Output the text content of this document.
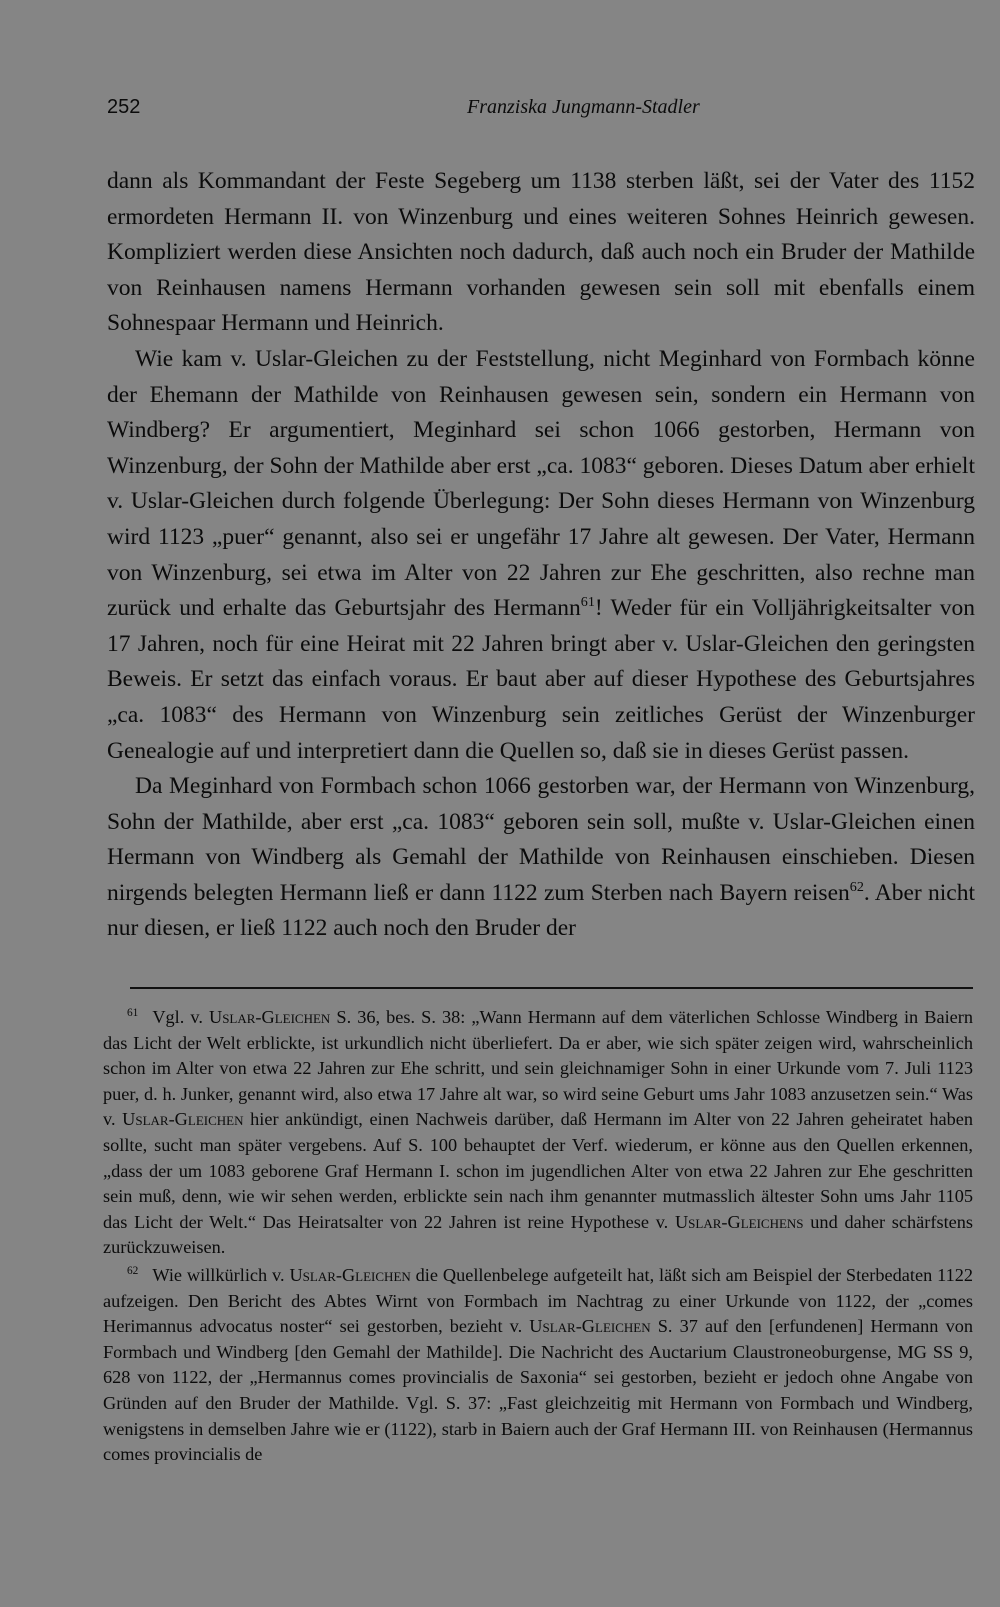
252	Franziska Jungmann-Stadler

dann als Kommandant der Feste Segeberg um 1138 sterben läßt, sei der Vater des 1152 ermordeten Hermann II. von Winzenburg und eines weiteren Sohnes Heinrich gewesen. Kompliziert werden diese Ansichten noch dadurch, daß auch noch ein Bruder der Mathilde von Reinhausen namens Hermann vorhanden gewesen sein soll mit ebenfalls einem Sohnespaar Hermann und Heinrich.

Wie kam v. Uslar-Gleichen zu der Feststellung, nicht Meginhard von Formbach könne der Ehemann der Mathilde von Reinhausen gewesen sein, sondern ein Hermann von Windberg? Er argumentiert, Meginhard sei schon 1066 gestorben, Hermann von Winzenburg, der Sohn der Mathilde aber erst „ca. 1083“ geboren. Dieses Datum aber erhielt v. Uslar-Gleichen durch folgende Überlegung: Der Sohn dieses Hermann von Winzenburg wird 1123 „puer“ genannt, also sei er ungefähr 17 Jahre alt gewesen. Der Vater, Hermann von Winzenburg, sei etwa im Alter von 22 Jahren zur Ehe geschritten, also rechne man zurück und erhalte das Geburtsjahr des Hermann$^{61}$! Weder für ein Volljährigkeitsalter von 17 Jahren, noch für eine Heirat mit 22 Jahren bringt aber v. Uslar-Gleichen den geringsten Beweis. Er setzt das einfach voraus. Er baut aber auf dieser Hypothese des Geburtsjahres „ca. 1083“ des Hermann von Winzenburg sein zeitliches Gerüst der Winzenburger Genealogie auf und interpretiert dann die Quellen so, daß sie in dieses Gerüst passen.

Da Meginhard von Formbach schon 1066 gestorben war, der Hermann von Winzenburg, Sohn der Mathilde, aber erst „ca. 1083“ geboren sein soll, mußte v. Uslar-Gleichen einen Hermann von Windberg als Gemahl der Mathilde von Reinhausen einschieben. Diesen nirgends belegten Hermann ließ er dann 1122 zum Sterben nach Bayern reisen$^{62}$. Aber nicht nur diesen, er ließ 1122 auch noch den Bruder der

$^{61}$ Vgl. v. Uslar-Gleichen S. 36, bes. S. 38: „Wann Hermann auf dem väterlichen Schlosse Windberg in Baiern das Licht der Welt erblickte, ist urkundlich nicht überliefert. Da er aber, wie sich später zeigen wird, wahrscheinlich schon im Alter von etwa 22 Jahren zur Ehe schritt, und sein gleichnamiger Sohn in einer Urkunde vom 7. Juli 1123 puer, d. h. Junker, genannt wird, also etwa 17 Jahre alt war, so wird seine Geburt ums Jahr 1083 anzusetzen sein.“ Was v. Uslar-Gleichen hier ankündigt, einen Nachweis darüber, daß Hermann im Alter von 22 Jahren geheiratet haben sollte, sucht man später vergebens. Auf S. 100 behauptet der Verf. wiederum, er könne aus den Quellen erkennen, „dass der um 1083 geborene Graf Hermann I. schon im jugendlichen Alter von etwa 22 Jahren zur Ehe geschritten sein muß, denn, wie wir sehen werden, erblickte sein nach ihm genannter mutmasslich ältester Sohn ums Jahr 1105 das Licht der Welt.“ Das Heiratsalter von 22 Jahren ist reine Hypothese v. Uslar-Gleichens und daher schärfstens zurückzuweisen.

$^{62}$ Wie willkürlich v. Uslar-Gleichen die Quellenbelege aufgeteilt hat, läßt sich am Beispiel der Sterbedaten 1122 aufzeigen. Den Bericht des Abtes Wirnt von Formbach im Nachtrag zu einer Urkunde von 1122, der „comes Herimannus advocatus noster“ sei gestorben, bezieht v. Uslar-Gleichen S. 37 auf den [erfundenen] Hermann von Formbach und Windberg [den Gemahl der Mathilde]. Die Nachricht des Auctarium Claustroneoburgense, MG SS 9, 628 von 1122, der „Hermannus comes provincialis de Saxonia“ sei gestorben, bezieht er jedoch ohne Angabe von Gründen auf den Bruder der Mathilde. Vgl. S. 37: „Fast gleichzeitig mit Hermann von Formbach und Windberg, wenigstens in demselben Jahre wie er (1122), starb in Baiern auch der Graf Hermann III. von Reinhausen (Hermannus comes provincialis de
